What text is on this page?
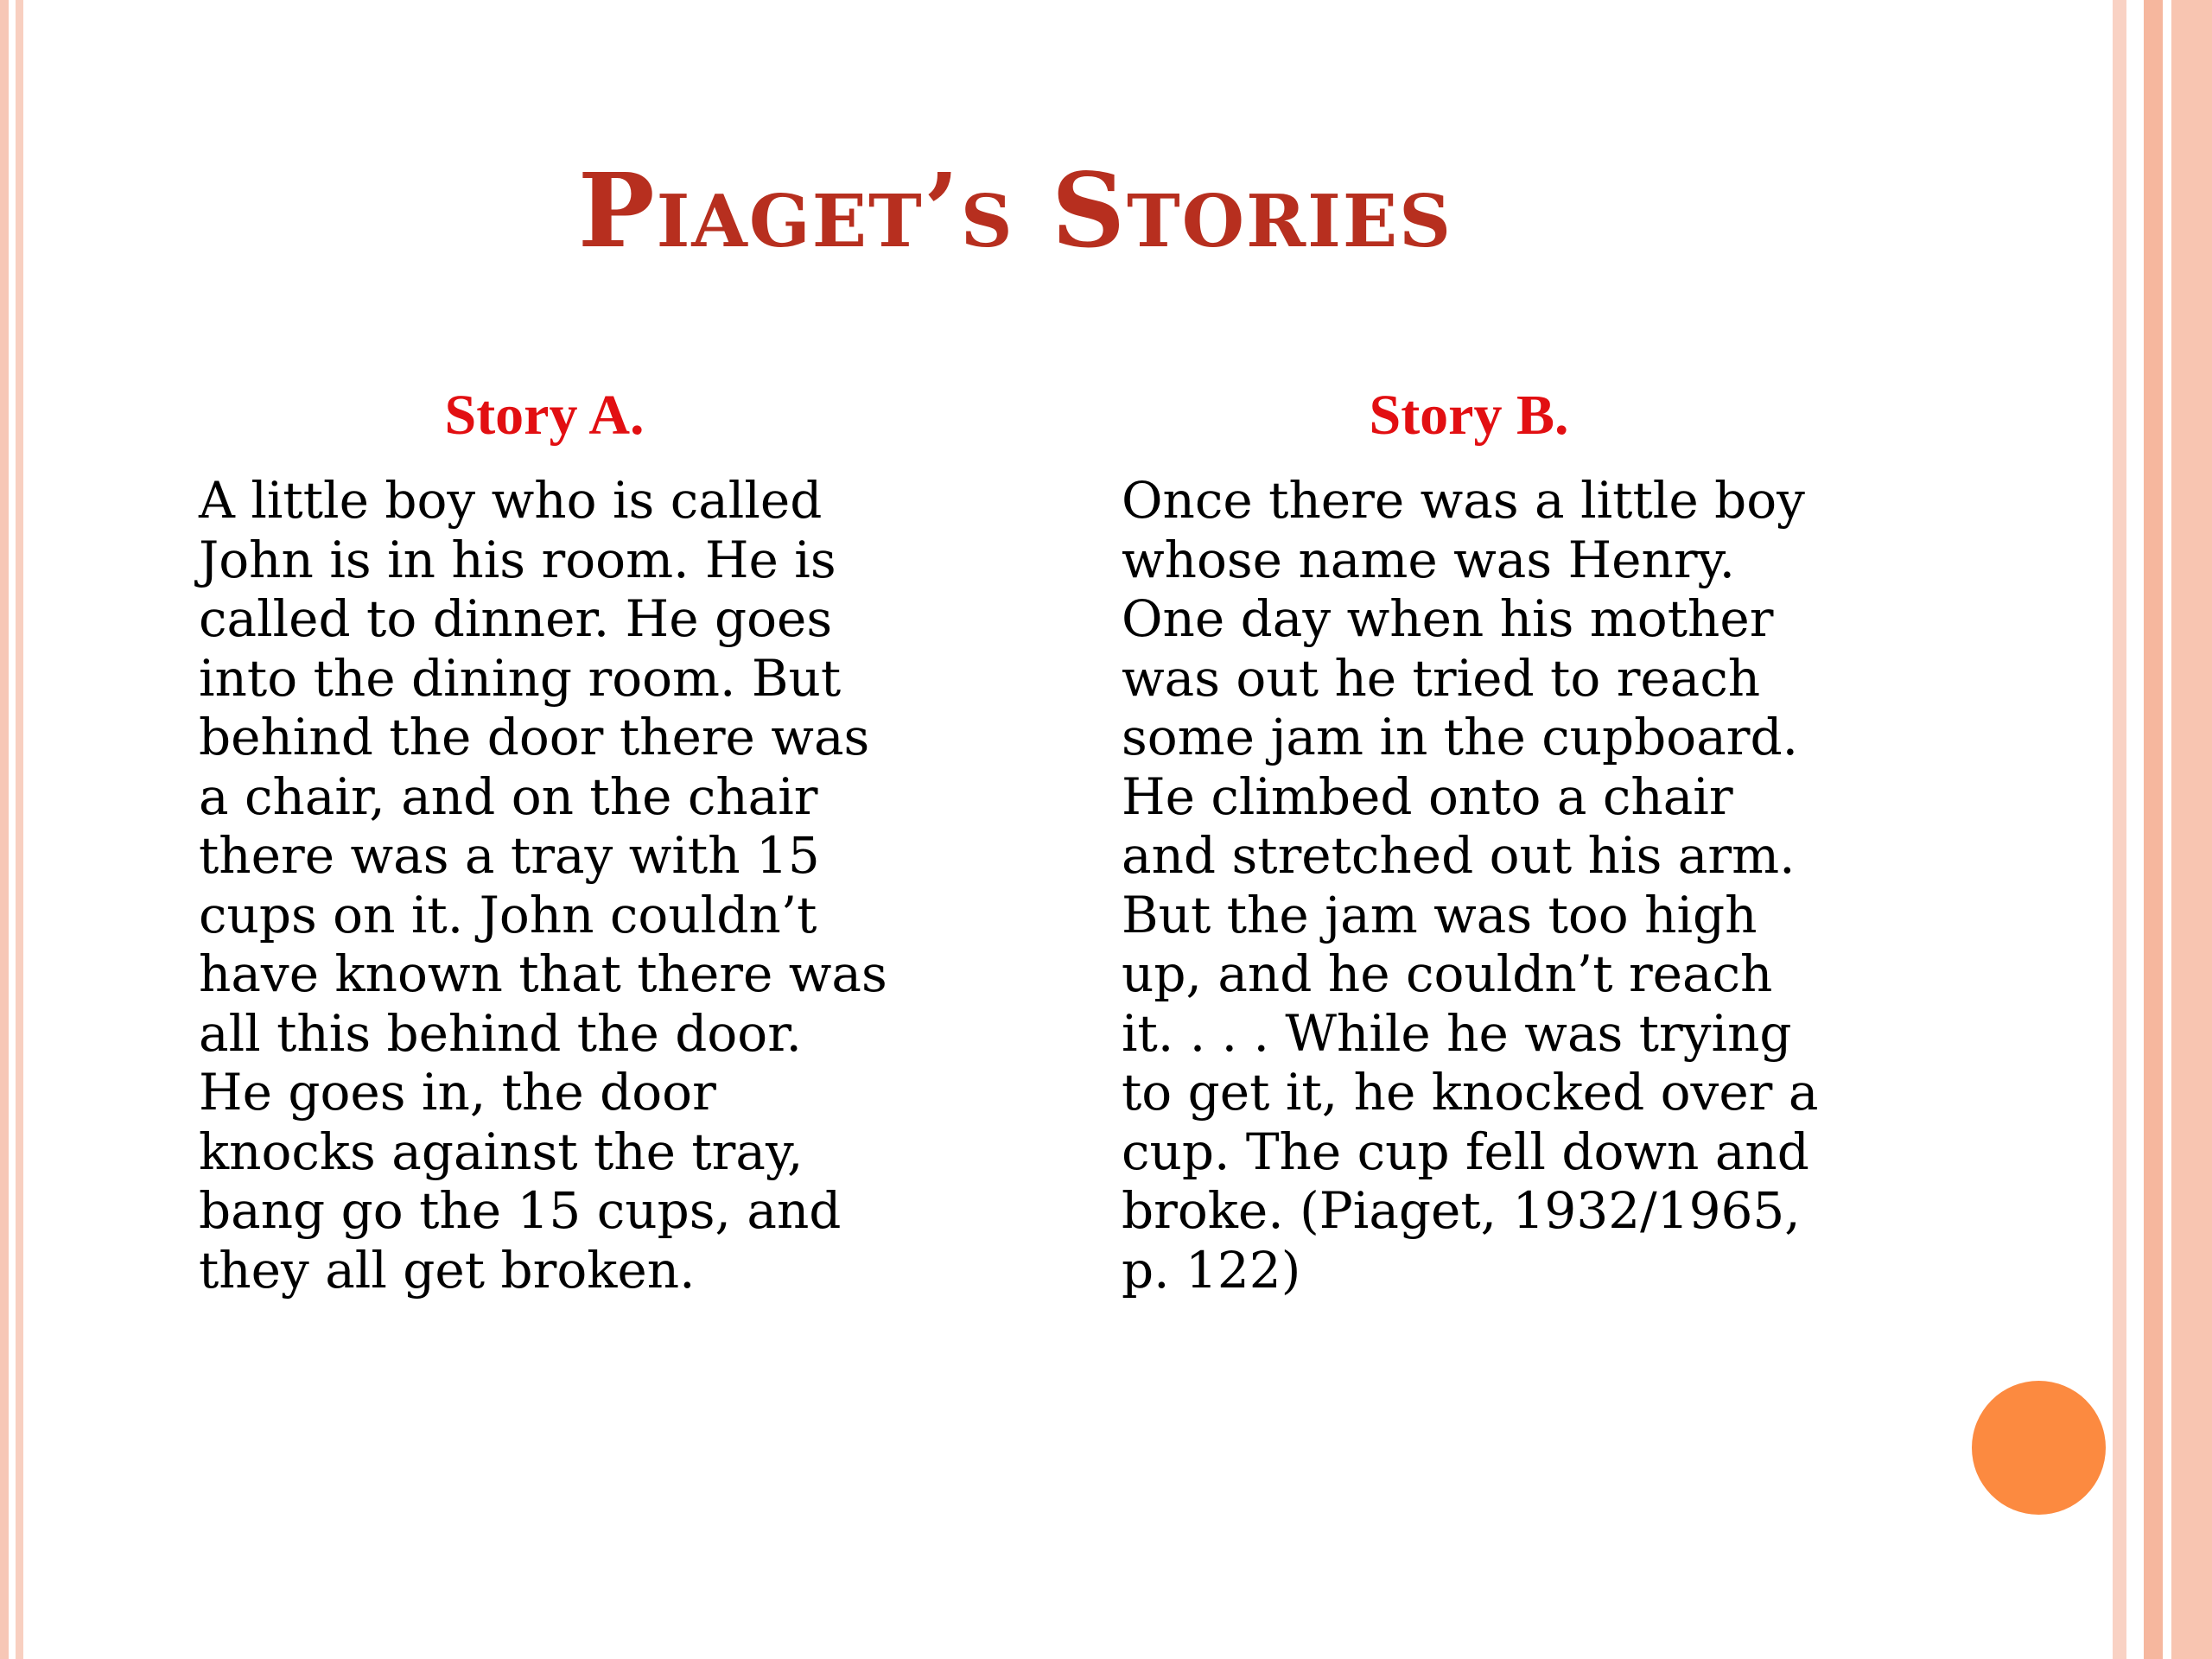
Piaget’s Stories
Story A.

A little boy who is called
John is in his room. He is
called to dinner. He goes
into the dining room. But
behind the door there was
a chair, and on the chair
there was a tray with 15
cups on it. John couldn’t
have known that there was
all this behind the door.
He goes in, the door
knocks against the tray,
bang go the 15 cups, and
they all get broken.

Story B.

Once there was a little boy
whose name was Henry.
One day when his mother
was out he tried to reach
some jam in the cupboard.
He climbed onto a chair
and stretched out his arm.
But the jam was too high
up, and he couldn’t reach
it. . . . While he was trying
to get it, he knocked over a
cup. The cup fell down and
broke. (Piaget, 1932/1965,
p. 122)
